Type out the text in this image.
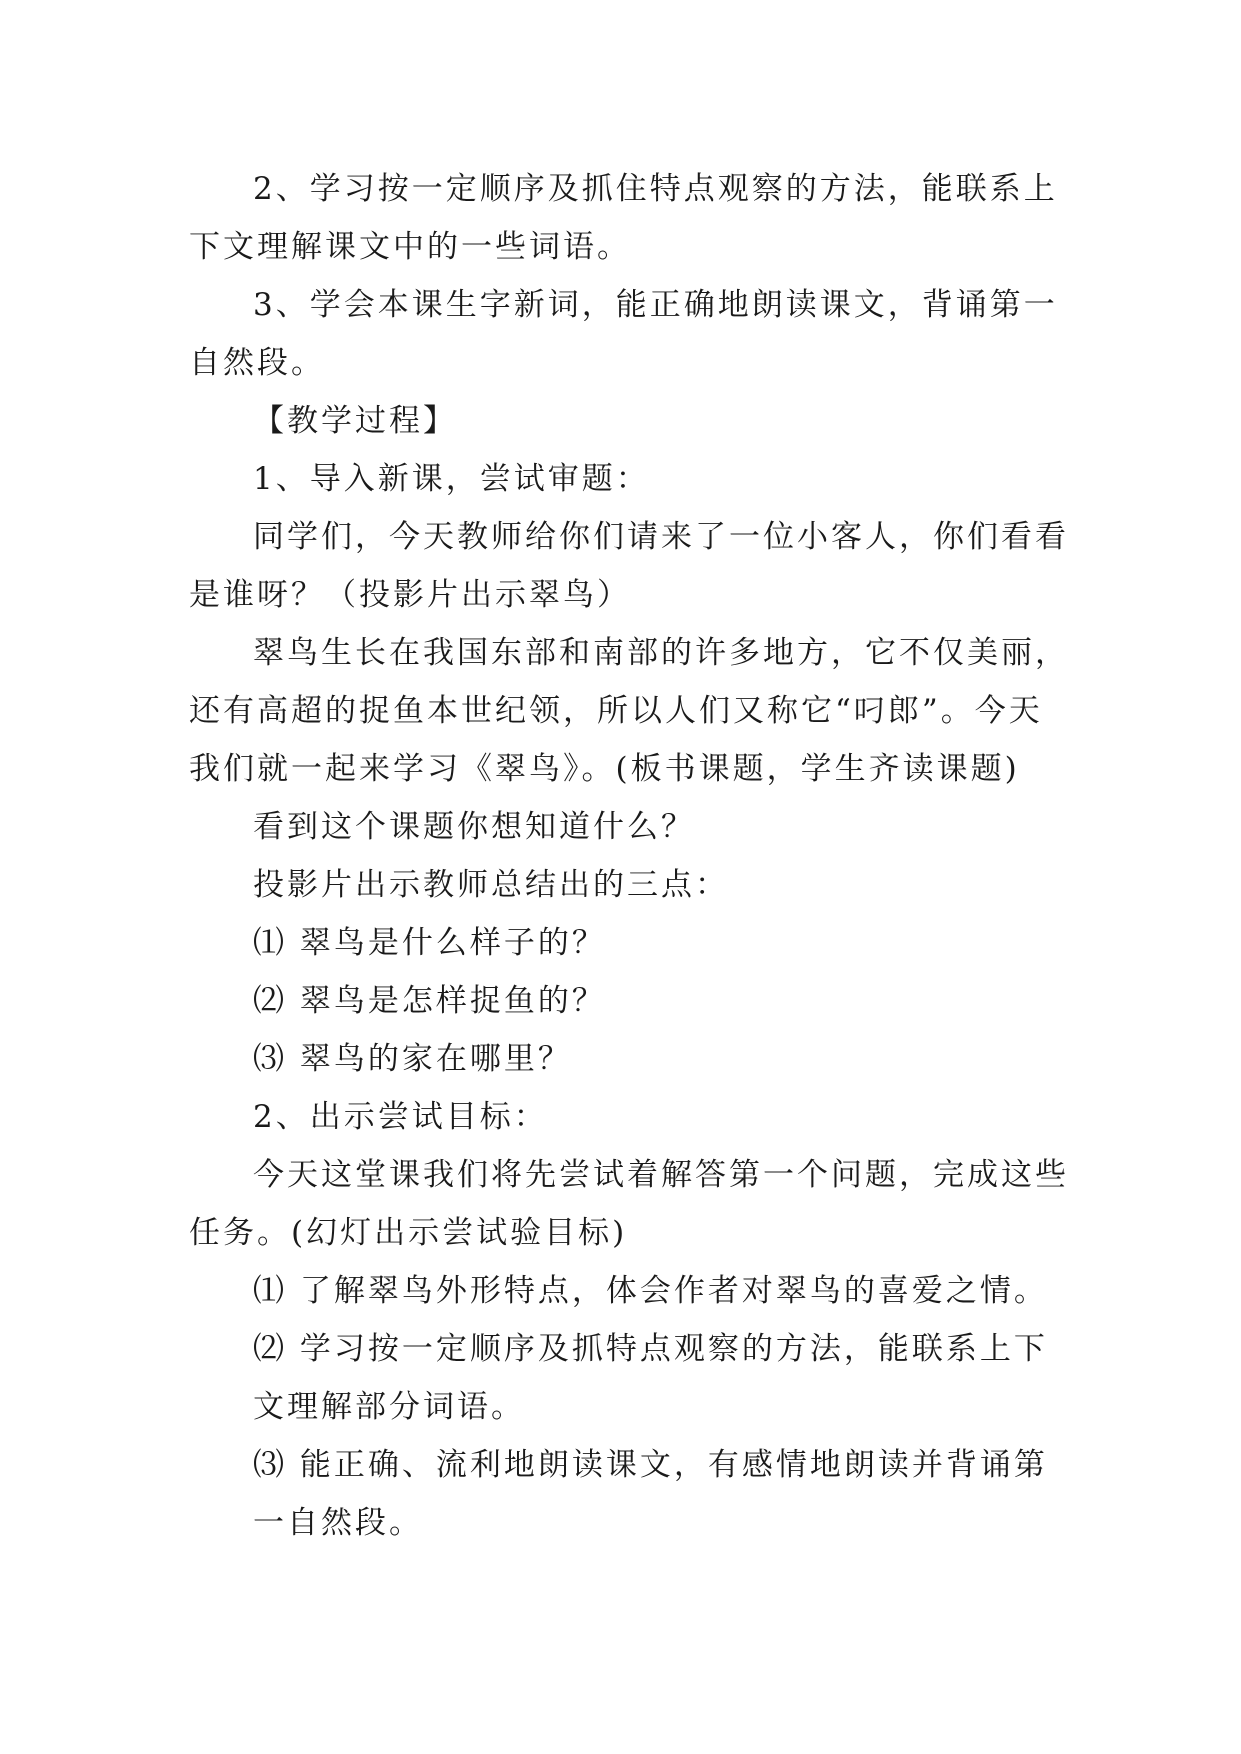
2、学习按一定顺序及抓住特点观察的方法，能联系上下文理解课文中的一些词语。

3、学会本课生字新词，能正确地朗读课文，背诵第一自然段。

【教学过程】

1、导入新课，尝试审题：

同学们，今天教师给你们请来了一位小客人，你们看看是谁呀？（投影片出示翠鸟）

翠鸟生长在我国东部和南部的许多地方，它不仅美丽，还有高超的捉鱼本世纪领，所以人们又称它“叼郎”。今天我们就一起来学习《翠鸟》。(板书课题，学生齐读课题)

看到这个课题你想知道什么？

投影片出示教师总结出的三点：

⑴ 翠鸟是什么样子的？

⑵ 翠鸟是怎样捉鱼的？

⑶ 翠鸟的家在哪里？

2、出示尝试目标：

今天这堂课我们将先尝试着解答第一个问题，完成这些任务。(幻灯出示尝试验目标)

⑴ 了解翠鸟外形特点，体会作者对翠鸟的喜爱之情。

⑵ 学习按一定顺序及抓特点观察的方法，能联系上下文理解部分词语。

⑶ 能正确、流利地朗读课文，有感情地朗读并背诵第一自然段。
